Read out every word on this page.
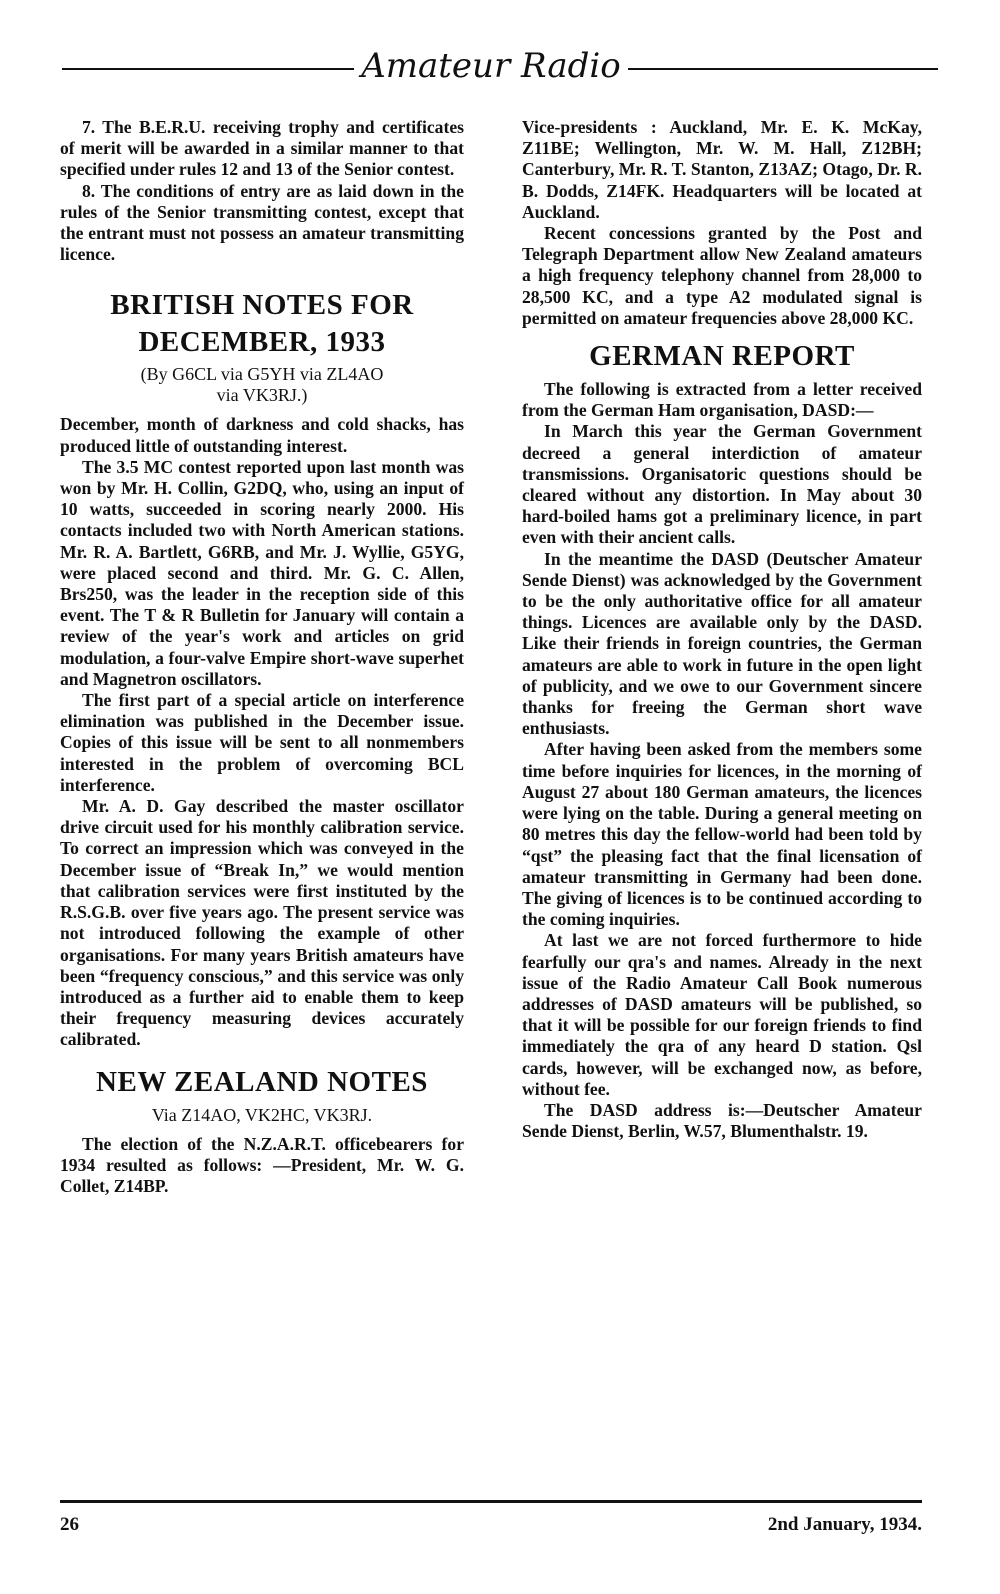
Amateur Radio

7. The B.E.R.U. receiving trophy and certificates of merit will be awarded in a similar manner to that specified under rules 12 and 13 of the Senior contest.

8. The conditions of entry are as laid down in the rules of the Senior transmitting contest, except that the entrant must not possess an amateur transmitting licence.

BRITISH NOTES FOR
DECEMBER, 1933
(By G6CL via G5YH via ZL4AO
via VK3RJ.)

December, month of darkness and cold shacks, has produced little of outstanding interest.

The 3.5 MC contest reported upon last month was won by Mr. H. Collin, G2DQ, who, using an input of 10 watts, succeeded in scoring nearly 2000. His contacts included two with North American stations. Mr. R. A. Bartlett, G6RB, and Mr. J. Wyllie, G5YG, were placed second and third. Mr. G. C. Allen, Brs250, was the leader in the reception side of this event. The T & R Bulletin for January will contain a review of the year's work and articles on grid modulation, a four-valve Empire short-wave superhet and Magnetron oscillators.

The first part of a special article on interference elimination was published in the December issue. Copies of this issue will be sent to all nonmembers interested in the problem of overcoming BCL interference.

Mr. A. D. Gay described the master oscillator drive circuit used for his monthly calibration service. To correct an impression which was conveyed in the December issue of “Break In,” we would mention that calibration services were first instituted by the R.S.G.B. over five years ago. The present service was not introduced following the example of other organisations. For many years British amateurs have been “frequency conscious,” and this service was only introduced as a further aid to enable them to keep their frequency measuring devices accurately calibrated.

NEW ZEALAND NOTES
Via Z14AO, VK2HC, VK3RJ.

The election of the N.Z.A.R.T. officebearers for 1934 resulted as follows: —President, Mr. W. G. Collet, Z14BP.

Vice-presidents : Auckland, Mr. E. K. McKay, Z11BE; Wellington, Mr. W. M. Hall, Z12BH; Canterbury, Mr. R. T. Stanton, Z13AZ; Otago, Dr. R. B. Dodds, Z14FK. Headquarters will be located at Auckland.

Recent concessions granted by the Post and Telegraph Department allow New Zealand amateurs a high frequency telephony channel from 28,000 to 28,500 KC, and a type A2 modulated signal is permitted on amateur frequencies above 28,000 KC.

GERMAN REPORT

The following is extracted from a letter received from the German Ham organisation, DASD:—

In March this year the German Government decreed a general interdiction of amateur transmissions. Organisatoric questions should be cleared without any distortion. In May about 30 hard-boiled hams got a preliminary licence, in part even with their ancient calls.

In the meantime the DASD (Deutscher Amateur Sende Dienst) was acknowledged by the Government to be the only authoritative office for all amateur things. Licences are available only by the DASD. Like their friends in foreign countries, the German amateurs are able to work in future in the open light of publicity, and we owe to our Government sincere thanks for freeing the German short wave enthusiasts.

After having been asked from the members some time before inquiries for licences, in the morning of August 27 about 180 German amateurs, the licences were lying on the table. During a general meeting on 80 metres this day the fellow-world had been told by “qst” the pleasing fact that the final licensation of amateur transmitting in Germany had been done. The giving of licences is to be continued according to the coming inquiries.

At last we are not forced furthermore to hide fearfully our qra's and names. Already in the next issue of the Radio Amateur Call Book numerous addresses of DASD amateurs will be published, so that it will be possible for our foreign friends to find immediately the qra of any heard D station. Qsl cards, however, will be exchanged now, as before, without fee.

The DASD address is:—Deutscher Amateur Sende Dienst, Berlin, W.57, Blumenthalstr. 19.

26	2nd January, 1934.
